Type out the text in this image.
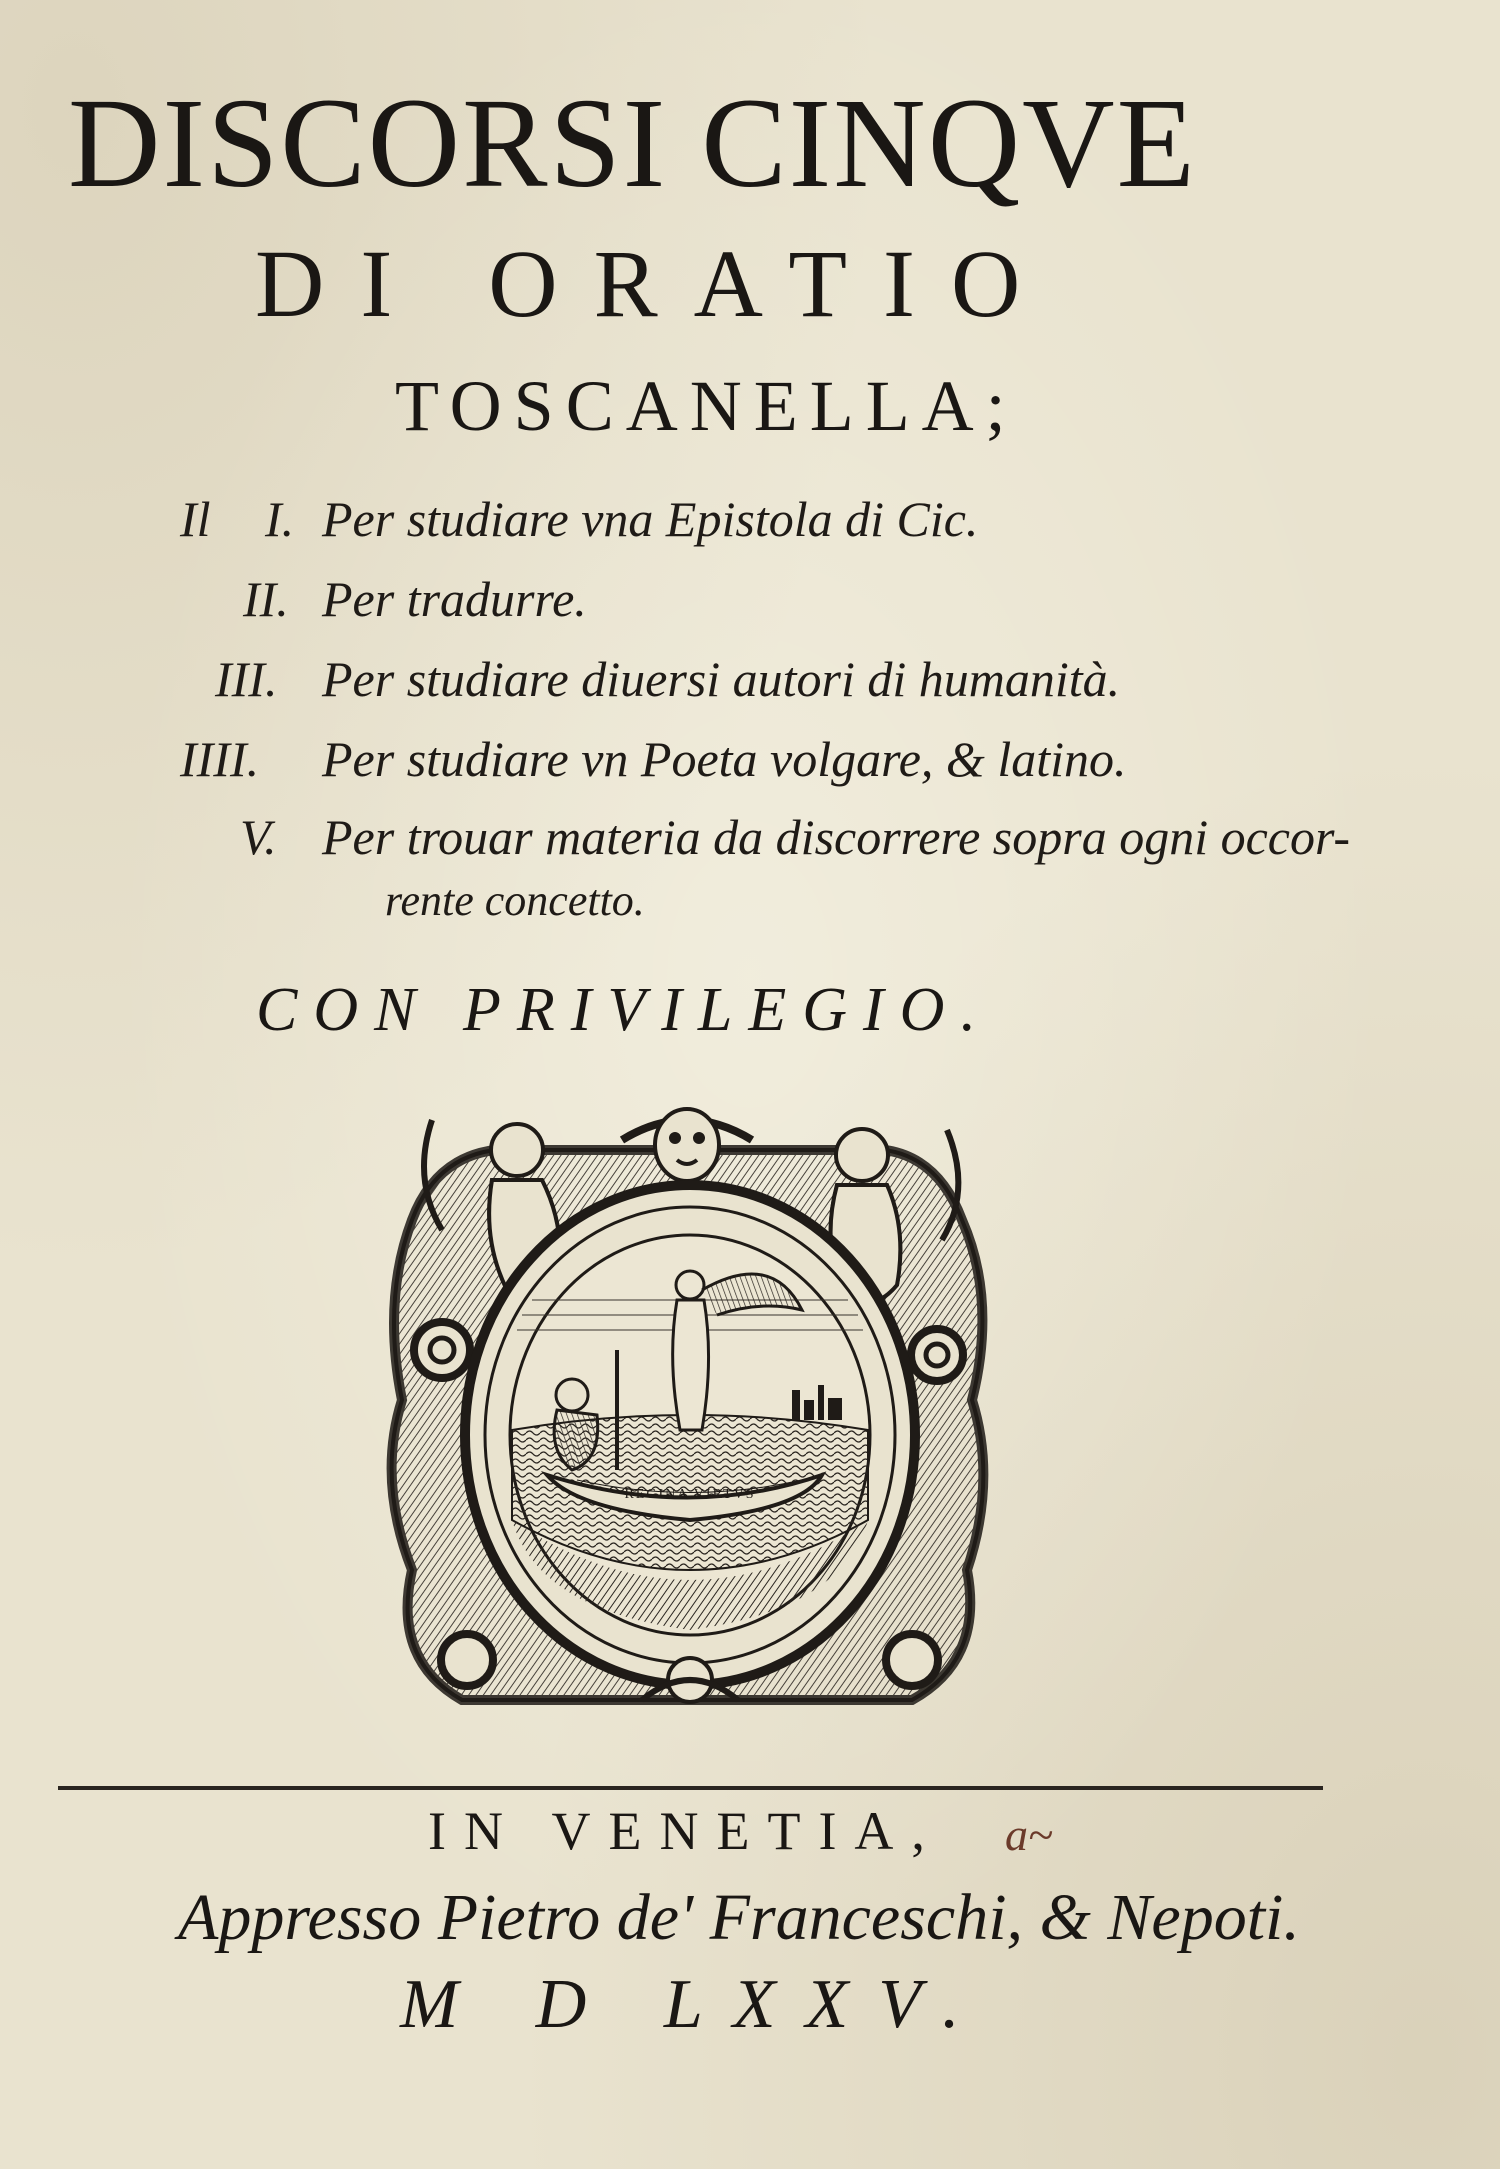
DISCORSI CINQVE
DI ORATIO
TOSCANELLA;
Il I. Per studiare vna Epistola di Cic.
II. Per tradurre.
III. Per studiare diuersi autori di humanità.
IIII. Per studiare vn Poeta volgare, & latino.
V. Per trouar materia da discorrere sopra ogni occor-
rente concetto.
CON PRIVILEGIO.
REGINA VIRTVS
IN VENETIA, a~
Appresso Pietro de' Franceschi, & Nepoti.
M D LXXV.
